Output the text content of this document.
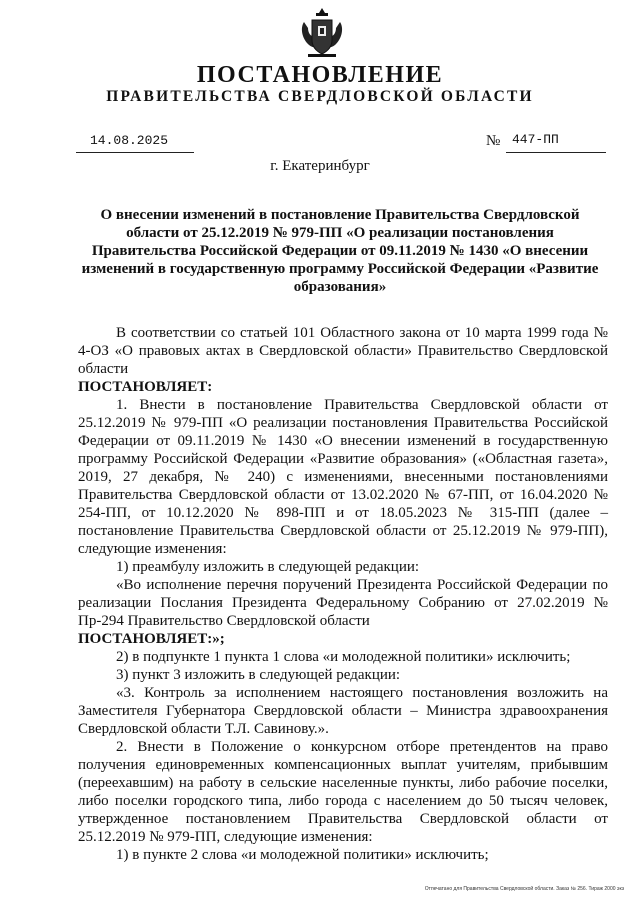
ПОСТАНОВЛЕНИЕ
ПРАВИТЕЛЬСТВА СВЕРДЛОВСКОЙ ОБЛАСТИ
14.08.2025	№ 447-ПП
г. Екатеринбург
О внесении изменений в постановление Правительства Свердловской области от 25.12.2019 № 979-ПП «О реализации постановления Правительства Российской Федерации от 09.11.2019 № 1430 «О внесении изменений в государственную программу Российской Федерации «Развитие образования»

В соответствии со статьей 101 Областного закона от 10 марта 1999 года № 4-ОЗ «О правовых актах в Свердловской области» Правительство Свердловской области

ПОСТАНОВЛЯЕТ:

1. Внести в постановление Правительства Свердловской области от 25.12.2019 № 979-ПП «О реализации постановления Правительства Российской Федерации от 09.11.2019 № 1430 «О внесении изменений в государственную программу Российской Федерации «Развитие образования» («Областная газета», 2019, 27 декабря, № 240) с изменениями, внесенными постановлениями Правительства Свердловской области от 13.02.2020 № 67-ПП, от 16.04.2020 № 254-ПП, от 10.12.2020 № 898-ПП и от 18.05.2023 № 315-ПП (далее – постановление Правительства Свердловской области от 25.12.2019 № 979-ПП), следующие изменения:

1) преамбулу изложить в следующей редакции:

«Во исполнение перечня поручений Президента Российской Федерации по реализации Послания Президента Федеральному Собранию от 27.02.2019 № Пр-294 Правительство Свердловской области

ПОСТАНОВЛЯЕТ:»;

2) в подпункте 1 пункта 1 слова «и молодежной политики» исключить;

3) пункт 3 изложить в следующей редакции:

«3. Контроль за исполнением настоящего постановления возложить на Заместителя Губернатора Свердловской области – Министра здравоохранения Свердловской области Т.Л. Савинову.».

2. Внести в Положение о конкурсном отборе претендентов на право получения единовременных компенсационных выплат учителям, прибывшим (переехавшим) на работу в сельские населенные пункты, либо рабочие поселки, либо поселки городского типа, либо города с населением до 50 тысяч человек, утвержденное постановлением Правительства Свердловской области от 25.12.2019 № 979-ПП, следующие изменения:

1) в пункте 2 слова «и молодежной политики» исключить;

Отпечатано для Правительства Свердловской области. Заказ № 256. Тираж 2000 экз
